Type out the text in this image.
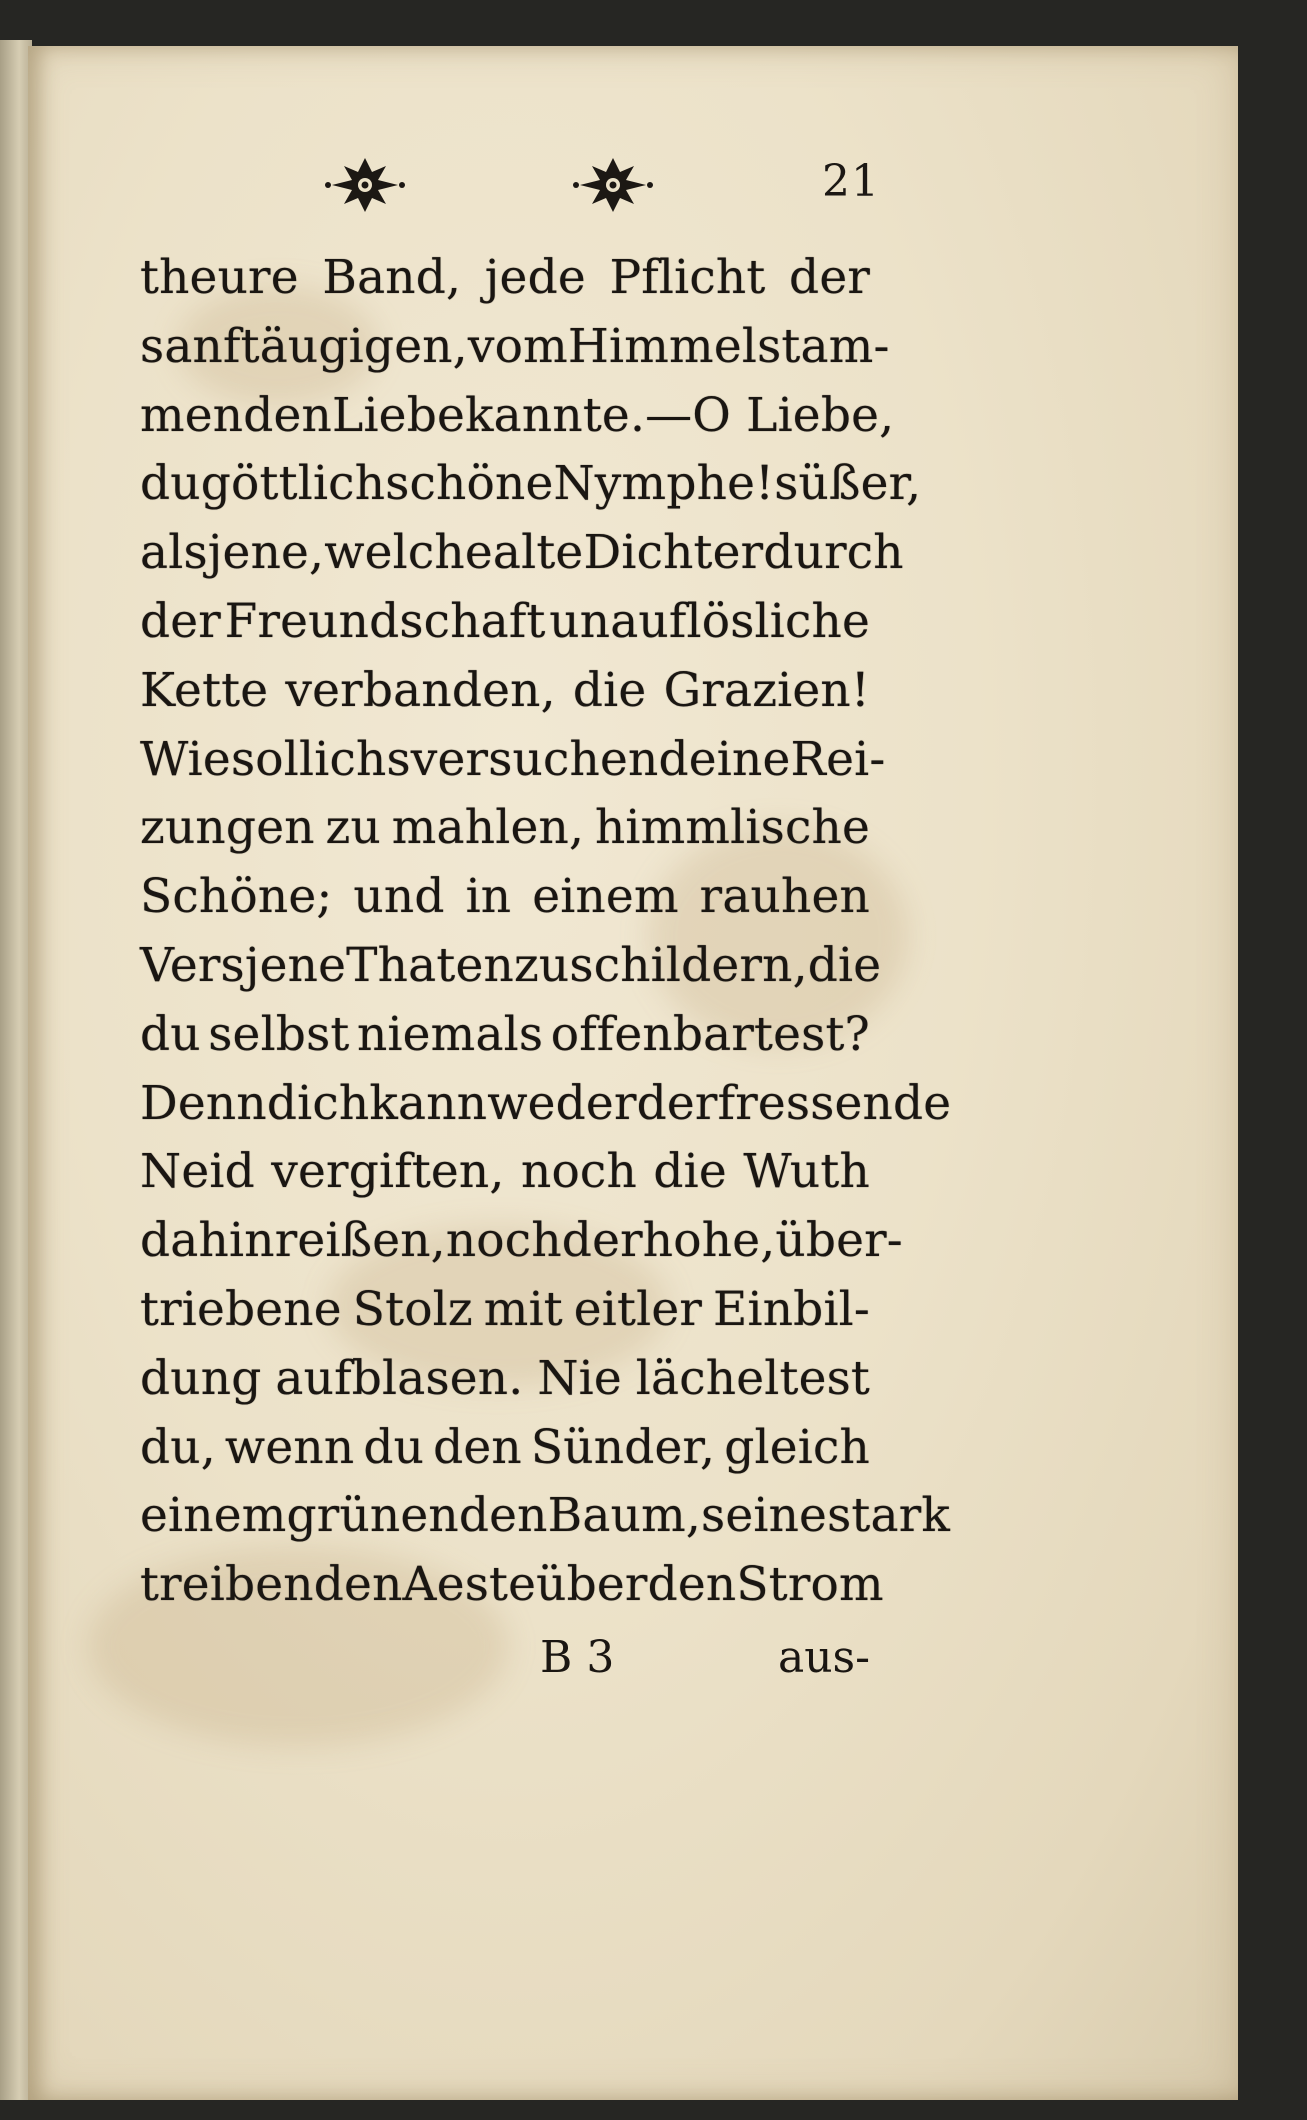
21
theure Band, jede Pflicht der
sanftäugigen, vom Himmel stam-
menden Liebe kannte. — O Liebe,
du göttlich schöne Nymphe! süßer,
als jene, welche alte Dichter durch
der Freundschaft unauflösliche
Kette verbanden, die Grazien!
Wie soll ichs versuchen deine Rei-
zungen zu mahlen, himmlische
Schöne; und in einem rauhen
Vers jene Thaten zu schildern, die
du selbst niemals offenbartest?
Denn dich kann weder der fressende
Neid vergiften, noch die Wuth
dahin reißen, noch der hohe, über-
triebene Stolz mit eitler Einbil-
dung aufblasen. Nie lächeltest
du, wenn du den Sünder, gleich
einem grünenden Baum, seine stark
treibenden Aeste über den Strom
B 3	aus-
